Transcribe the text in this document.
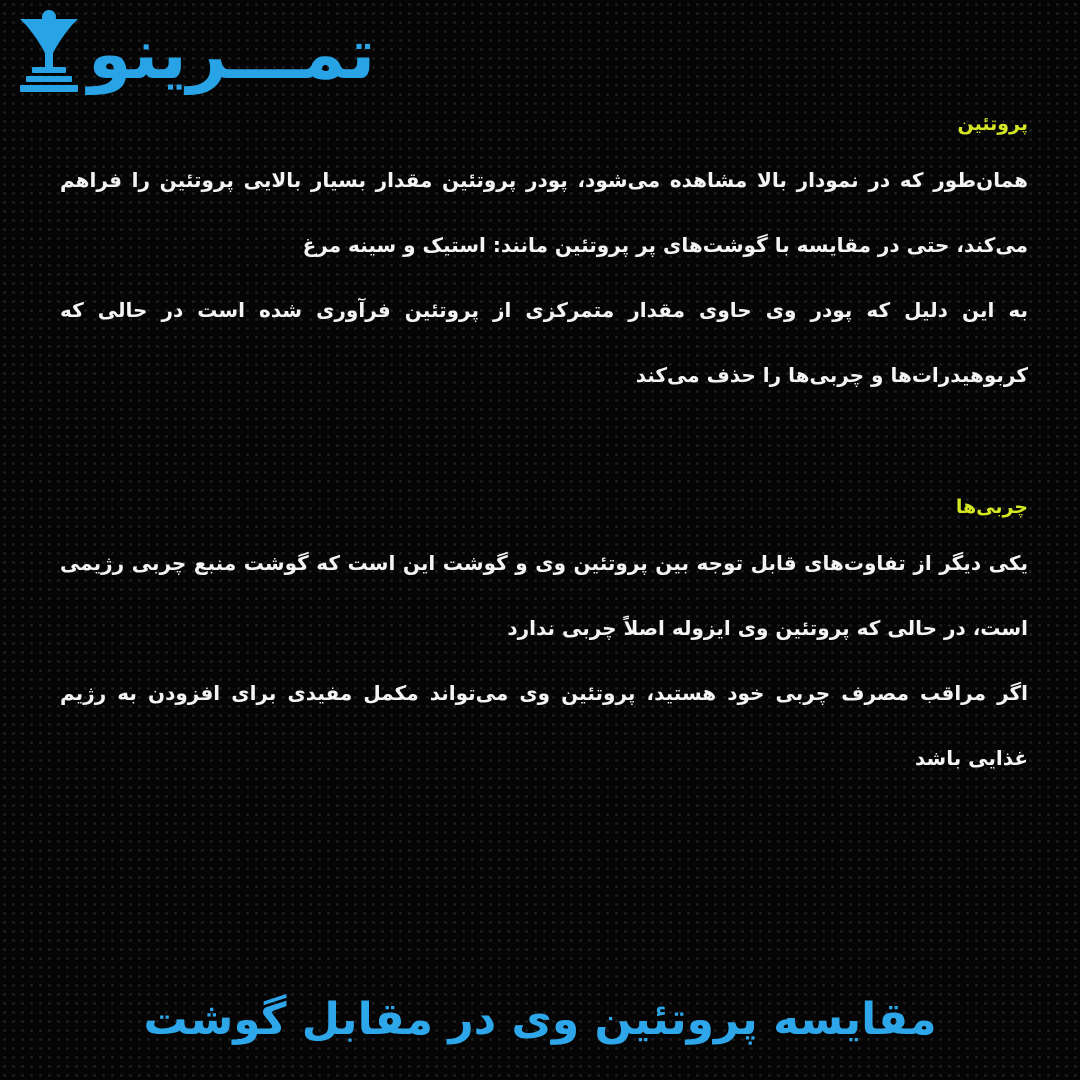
تمـــرینو
پروتئین

همان‌طور که در نمودار بالا مشاهده می‌شود، پودر پروتئین مقدار بسیار بالایی پروتئین را فراهم می‌کند، حتی در مقایسه با گوشت‌های پر پروتئین مانند: استیک و سینه مرغ

به این دلیل که پودر وی حاوی مقدار متمرکزی از پروتئین فرآوری شده است در حالی که کربوهیدرات‌ها و چربی‌ها را حذف می‌کند

چربی‌ها

یکی دیگر از تفاوت‌های قابل توجه بین پروتئین وی و گوشت این است که گوشت منبع چربی رژیمی است، در حالی که پروتئین وی ایزوله اصلاً چربی ندارد

اگر مراقب مصرف چربی خود هستید، پروتئین وی می‌تواند مکمل مفیدی برای افزودن به رژیم غذایی باشد

مقایسه پروتئین وی در مقابل گوشت
